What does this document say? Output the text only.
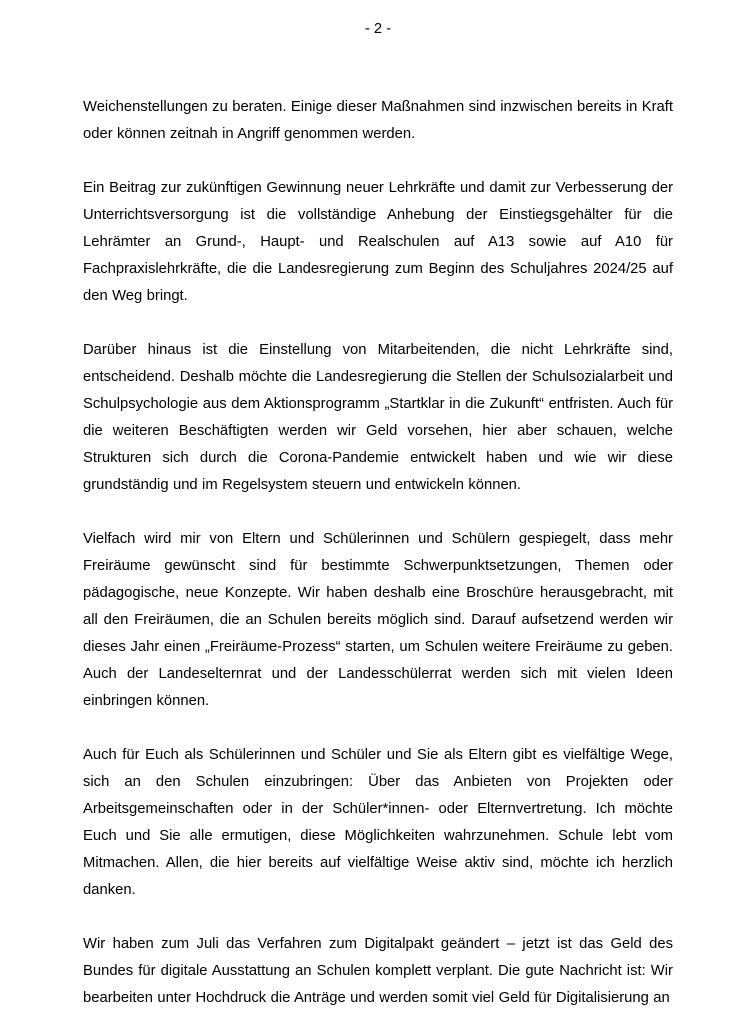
- 2 -

Weichenstellungen zu beraten. Einige dieser Maßnahmen sind inzwischen bereits in Kraft oder können zeitnah in Angriff genommen werden.

Ein Beitrag zur zukünftigen Gewinnung neuer Lehrkräfte und damit zur Verbesserung der Unterrichtsversorgung ist die vollständige Anhebung der Einstiegsgehälter für die Lehrämter an Grund-, Haupt- und Realschulen auf A13 sowie auf A10 für Fachpraxislehrkräfte, die die Landesregierung zum Beginn des Schuljahres 2024/25 auf den Weg bringt.

Darüber hinaus ist die Einstellung von Mitarbeitenden, die nicht Lehrkräfte sind, entscheidend. Deshalb möchte die Landesregierung die Stellen der Schulsozialarbeit und Schulpsychologie aus dem Aktionsprogramm „Startklar in die Zukunft“ entfristen. Auch für die weiteren Beschäftigten werden wir Geld vorsehen, hier aber schauen, welche Strukturen sich durch die Corona-Pandemie entwickelt haben und wie wir diese grundständig und im Regelsystem steuern und entwickeln können.

Vielfach wird mir von Eltern und Schülerinnen und Schülern gespiegelt, dass mehr Freiräume gewünscht sind für bestimmte Schwerpunktsetzungen, Themen oder pädagogische, neue Konzepte. Wir haben deshalb eine Broschüre herausgebracht, mit all den Freiräumen, die an Schulen bereits möglich sind. Darauf aufsetzend werden wir dieses Jahr einen „Freiräume-Prozess“ starten, um Schulen weitere Freiräume zu geben. Auch der Landeselternrat und der Landesschülerrat werden sich mit vielen Ideen einbringen können.

Auch für Euch als Schülerinnen und Schüler und Sie als Eltern gibt es vielfältige Wege, sich an den Schulen einzubringen: Über das Anbieten von Projekten oder Arbeitsgemeinschaften oder in der Schüler*innen- oder Elternvertretung. Ich möchte Euch und Sie alle ermutigen, diese Möglichkeiten wahrzunehmen. Schule lebt vom Mitmachen. Allen, die hier bereits auf vielfältige Weise aktiv sind, möchte ich herzlich danken.

Wir haben zum Juli das Verfahren zum Digitalpakt geändert – jetzt ist das Geld des Bundes für digitale Ausstattung an Schulen komplett verplant. Die gute Nachricht ist: Wir bearbeiten unter Hochdruck die Anträge und werden somit viel Geld für Digitalisierung an
